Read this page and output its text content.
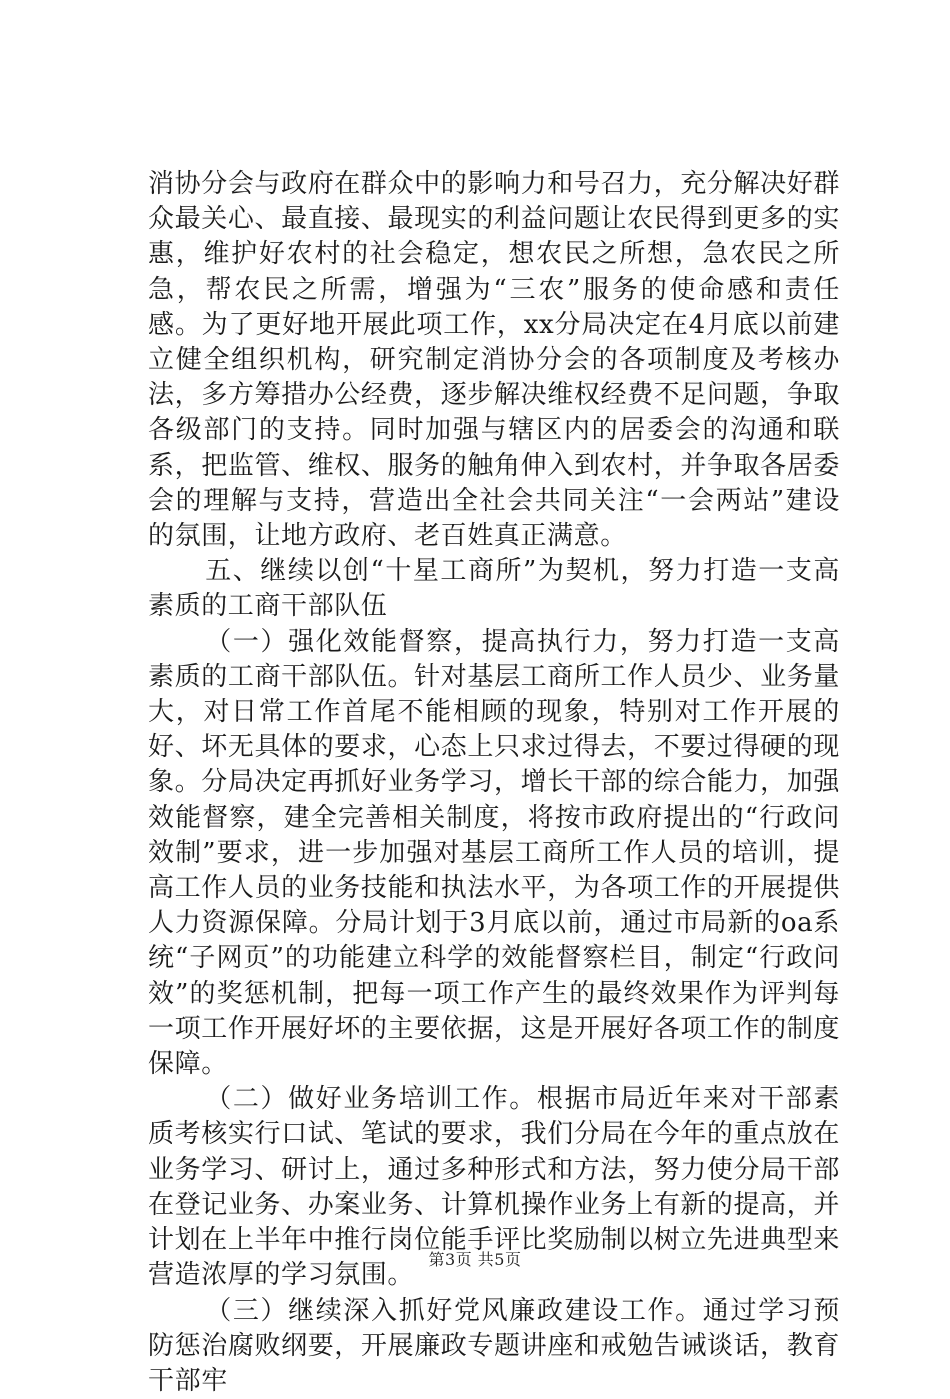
消协分会与政府在群众中的影响力和号召力，充分解决好群众最关心、最直接、最现实的利益问题让农民得到更多的实惠，维护好农村的社会稳定，想农民之所想，急农民之所急，帮农民之所需，增强为“三农”服务的使命感和责任感。为了更好地开展此项工作，xx分局决定在4月底以前建立健全组织机构，研究制定消协分会的各项制度及考核办法，多方筹措办公经费，逐步解决维权经费不足问题，争取各级部门的支持。同时加强与辖区内的居委会的沟通和联系，把监管、维权、服务的触角伸入到农村，并争取各居委会的理解与支持，营造出全社会共同关注“一会两站”建设的氛围，让地方政府、老百姓真正满意。

五、继续以创“十星工商所”为契机，努力打造一支高素质的工商干部队伍

（一）强化效能督察，提高执行力，努力打造一支高素质的工商干部队伍。针对基层工商所工作人员少、业务量大，对日常工作首尾不能相顾的现象，特别对工作开展的好、坏无具体的要求，心态上只求过得去，不要过得硬的现象。分局决定再抓好业务学习，增长干部的综合能力，加强效能督察，建全完善相关制度，将按市政府提出的“行政问效制”要求，进一步加强对基层工商所工作人员的培训，提高工作人员的业务技能和执法水平，为各项工作的开展提供人力资源保障。分局计划于3月底以前，通过市局新的oa系统“子网页”的功能建立科学的效能督察栏目，制定“行政问效”的奖惩机制，把每一项工作产生的最终效果作为评判每一项工作开展好坏的主要依据，这是开展好各项工作的制度保障。

（二）做好业务培训工作。根据市局近年来对干部素质考核实行口试、笔试的要求，我们分局在今年的重点放在业务学习、研讨上，通过多种形式和方法，努力使分局干部在登记业务、办案业务、计算机操作业务上有新的提高，并计划在上半年中推行岗位能手评比奖励制以树立先进典型来营造浓厚的学习氛围。

（三）继续深入抓好党风廉政建设工作。通过学习预防惩治腐败纲要，开展廉政专题讲座和戒勉告诫谈话，教育干部牢

第3页 共5页
